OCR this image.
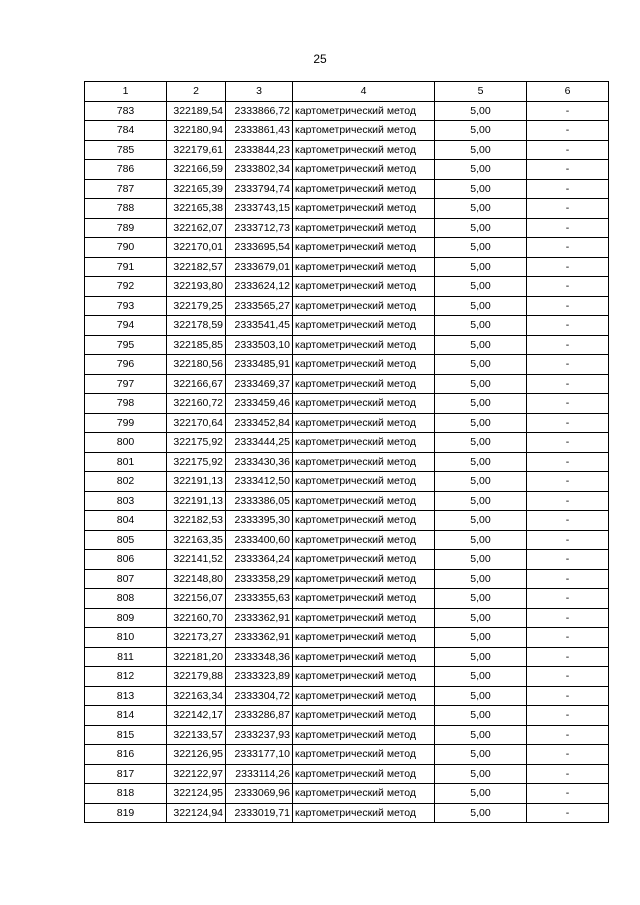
25
1	2	3	4	5	6
783	322189,54	2333866,72	картометрический метод	5,00	-
784	322180,94	2333861,43	картометрический метод	5,00	-
785	322179,61	2333844,23	картометрический метод	5,00	-
786	322166,59	2333802,34	картометрический метод	5,00	-
787	322165,39	2333794,74	картометрический метод	5,00	-
788	322165,38	2333743,15	картометрический метод	5,00	-
789	322162,07	2333712,73	картометрический метод	5,00	-
790	322170,01	2333695,54	картометрический метод	5,00	-
791	322182,57	2333679,01	картометрический метод	5,00	-
792	322193,80	2333624,12	картометрический метод	5,00	-
793	322179,25	2333565,27	картометрический метод	5,00	-
794	322178,59	2333541,45	картометрический метод	5,00	-
795	322185,85	2333503,10	картометрический метод	5,00	-
796	322180,56	2333485,91	картометрический метод	5,00	-
797	322166,67	2333469,37	картометрический метод	5,00	-
798	322160,72	2333459,46	картометрический метод	5,00	-
799	322170,64	2333452,84	картометрический метод	5,00	-
800	322175,92	2333444,25	картометрический метод	5,00	-
801	322175,92	2333430,36	картометрический метод	5,00	-
802	322191,13	2333412,50	картометрический метод	5,00	-
803	322191,13	2333386,05	картометрический метод	5,00	-
804	322182,53	2333395,30	картометрический метод	5,00	-
805	322163,35	2333400,60	картометрический метод	5,00	-
806	322141,52	2333364,24	картометрический метод	5,00	-
807	322148,80	2333358,29	картометрический метод	5,00	-
808	322156,07	2333355,63	картометрический метод	5,00	-
809	322160,70	2333362,91	картометрический метод	5,00	-
810	322173,27	2333362,91	картометрический метод	5,00	-
811	322181,20	2333348,36	картометрический метод	5,00	-
812	322179,88	2333323,89	картометрический метод	5,00	-
813	322163,34	2333304,72	картометрический метод	5,00	-
814	322142,17	2333286,87	картометрический метод	5,00	-
815	322133,57	2333237,93	картометрический метод	5,00	-
816	322126,95	2333177,10	картометрический метод	5,00	-
817	322122,97	2333114,26	картометрический метод	5,00	-
818	322124,95	2333069,96	картометрический метод	5,00	-
819	322124,94	2333019,71	картометрический метод	5,00	-
